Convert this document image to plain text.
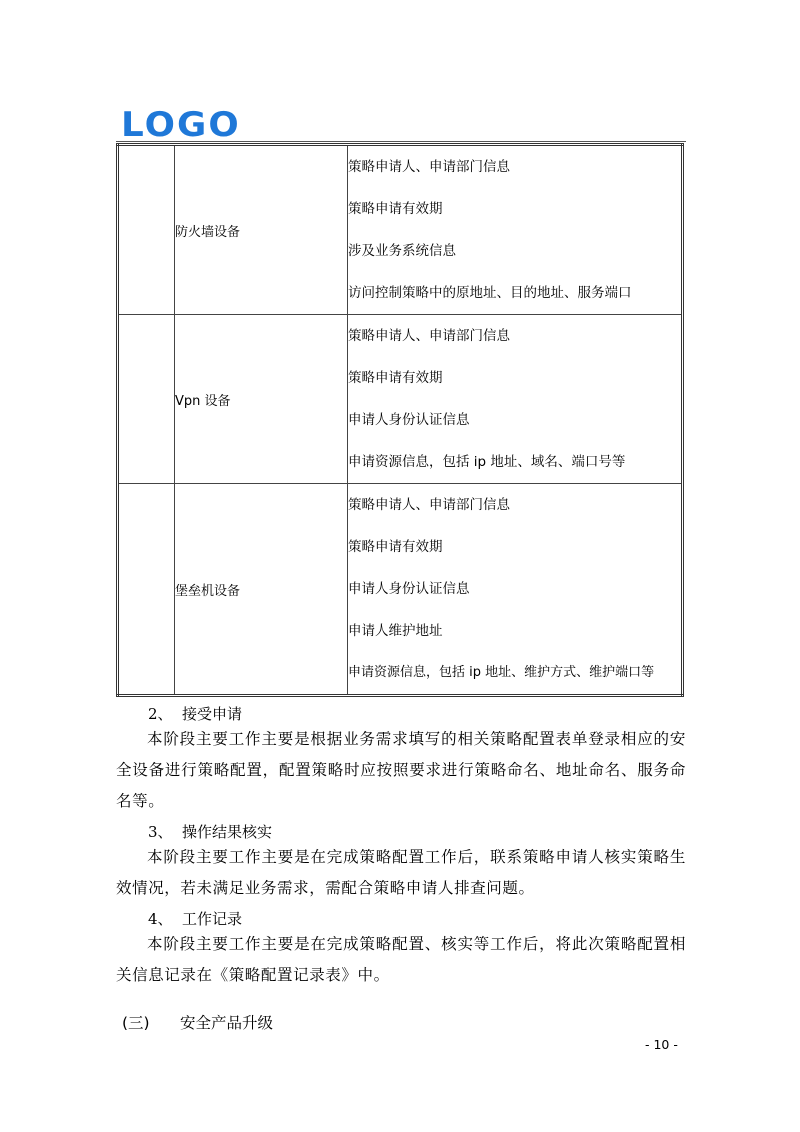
LOGO
	防火墙设备	策略申请人、申请部门信息
策略申请有效期
涉及业务系统信息
访问控制策略中的原地址、目的地址、服务端口

	Vpn 设备	策略申请人、申请部门信息
策略申请有效期
申请人身份认证信息
申请资源信息，包括 ip 地址、域名、端口号等

	堡垒机设备	策略申请人、申请部门信息
策略申请有效期
申请人身份认证信息
申请人维护地址
申请资源信息，包括 ip 地址、维护方式、维护端口等
2、 接受申请
本阶段主要工作主要是根据业务需求填写的相关策略配置表单登录相应的安全设备进行策略配置，配置策略时应按照要求进行策略命名、地址命名、服务命名等。
3、 操作结果核实
本阶段主要工作主要是在完成策略配置工作后，联系策略申请人核实策略生效情况，若未满足业务需求，需配合策略申请人排查问题。
4、 工作记录
本阶段主要工作主要是在完成策略配置、核实等工作后，将此次策略配置相关信息记录在《策略配置记录表》中。
(三) 安全产品升级
- 10 -
